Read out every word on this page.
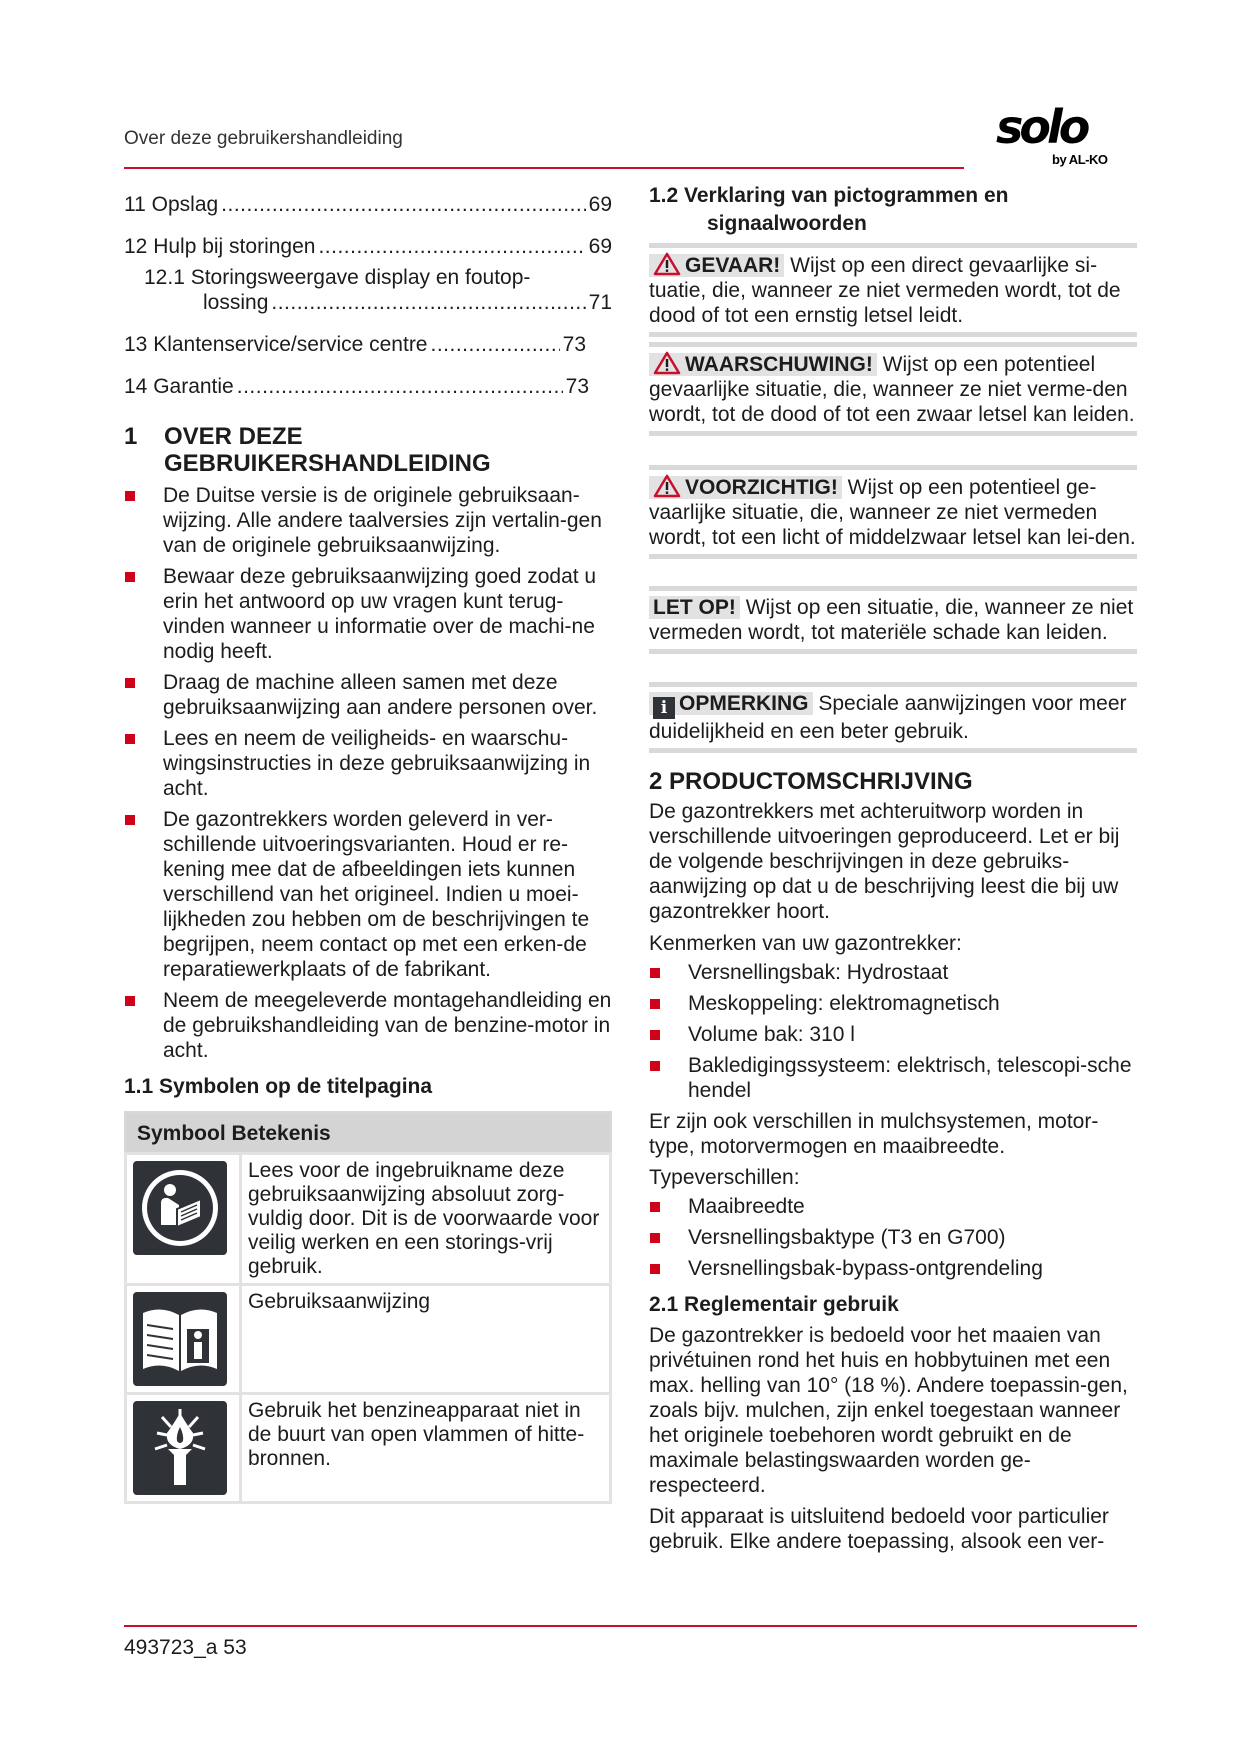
Over deze gebruikershandleiding	solo
by AL-KO
11 Opslag .....	69
12 Hulp bij storingen .....	69
12.1 Storingsweergave display en foutop-
lossing .....	71
13 Klantenservice/service centre .....	73
14 Garantie .....	73
1 OVER DEZE
GEBRUIKERSHANDLEIDING
De Duitse versie is de originele gebruiksaan-wijzing. Alle andere taalversies zijn vertalin-gen van de originele gebruiksaanwijzing.
Bewaar deze gebruiksaanwijzing goed zodat u erin het antwoord op uw vragen kunt terug-vinden wanneer u informatie over de machi-ne nodig heeft.
Draag de machine alleen samen met deze gebruiksaanwijzing aan andere personen over.
Lees en neem de veiligheids- en waarschu-wingsinstructies in deze gebruiksaanwijzing in acht.
De gazontrekkers worden geleverd in ver-schillende uitvoeringsvarianten. Houd er re-kening mee dat de afbeeldingen iets kunnen verschillend van het origineel. Indien u moei-lijkheden zou hebben om de beschrijvingen te begrijpen, neem contact op met een erken-de reparatiewerkplaats of de fabrikant.
Neem de meegeleverde montagehandleiding en de gebruikshandleiding van de benzine-motor in acht.
1.1 Symbolen op de titelpagina
Symbool Betekenis	

	Lees voor de ingebruikname deze gebruiksaanwijzing absoluut zorg-vuldig door. Dit is de voorwaarde voor veilig werken en een storings-vrij gebruik.

	Gebruiksaanwijzing

	Gebruik het benzineapparaat niet in de buurt van open vlammen of hitte-bronnen.
1.2 Verklaring van pictogrammen en
signaalwoorden
GEVAAR! Wijst op een direct gevaarlijke si-tuatie, die, wanneer ze niet vermeden wordt, tot de dood of tot een ernstig letsel leidt.
WAARSCHUWING! Wijst op een potentieel gevaarlijke situatie, die, wanneer ze niet verme-den wordt, tot de dood of tot een zwaar letsel kan leiden.
VOORZICHTIG! Wijst op een potentieel ge-vaarlijke situatie, die, wanneer ze niet vermeden wordt, tot een licht of middelzwaar letsel kan lei-den.
LET OP! Wijst op een situatie, die, wanneer ze niet vermeden wordt, tot materiële schade kan leiden.
i OPMERKING Speciale aanwijzingen voor meer duidelijkheid en een beter gebruik.
2 PRODUCTOMSCHRIJVING

De gazontrekkers met achteruitworp worden in verschillende uitvoeringen geproduceerd. Let er bij de volgende beschrijvingen in deze gebruiks-aanwijzing op dat u de beschrijving leest die bij uw gazontrekker hoort.

Kenmerken van uw gazontrekker:

Versnellingsbak: Hydrostaat
Meskoppeling: elektromagnetisch
Volume bak: 310 l
Bakledigingssysteem: elektrisch, telescopi-sche hendel

Er zijn ook verschillen in mulchsystemen, motor-type, motorvermogen en maaibreedte.

Typeverschillen:

Maaibreedte
Versnellingsbaktype (T3 en G700)
Versnellingsbak-bypass-ontgrendeling
2.1 Reglementair gebruik

De gazontrekker is bedoeld voor het maaien van privétuinen rond het huis en hobbytuinen met een max. helling van 10° (18 %). Andere toepassin-gen, zoals bijv. mulchen, zijn enkel toegestaan wanneer het originele toebehoren wordt gebruikt en de maximale belastingswaarden worden ge-respecteerd.

Dit apparaat is uitsluitend bedoeld voor particulier gebruik. Elke andere toepassing, alsook een ver-

493723_a 53
